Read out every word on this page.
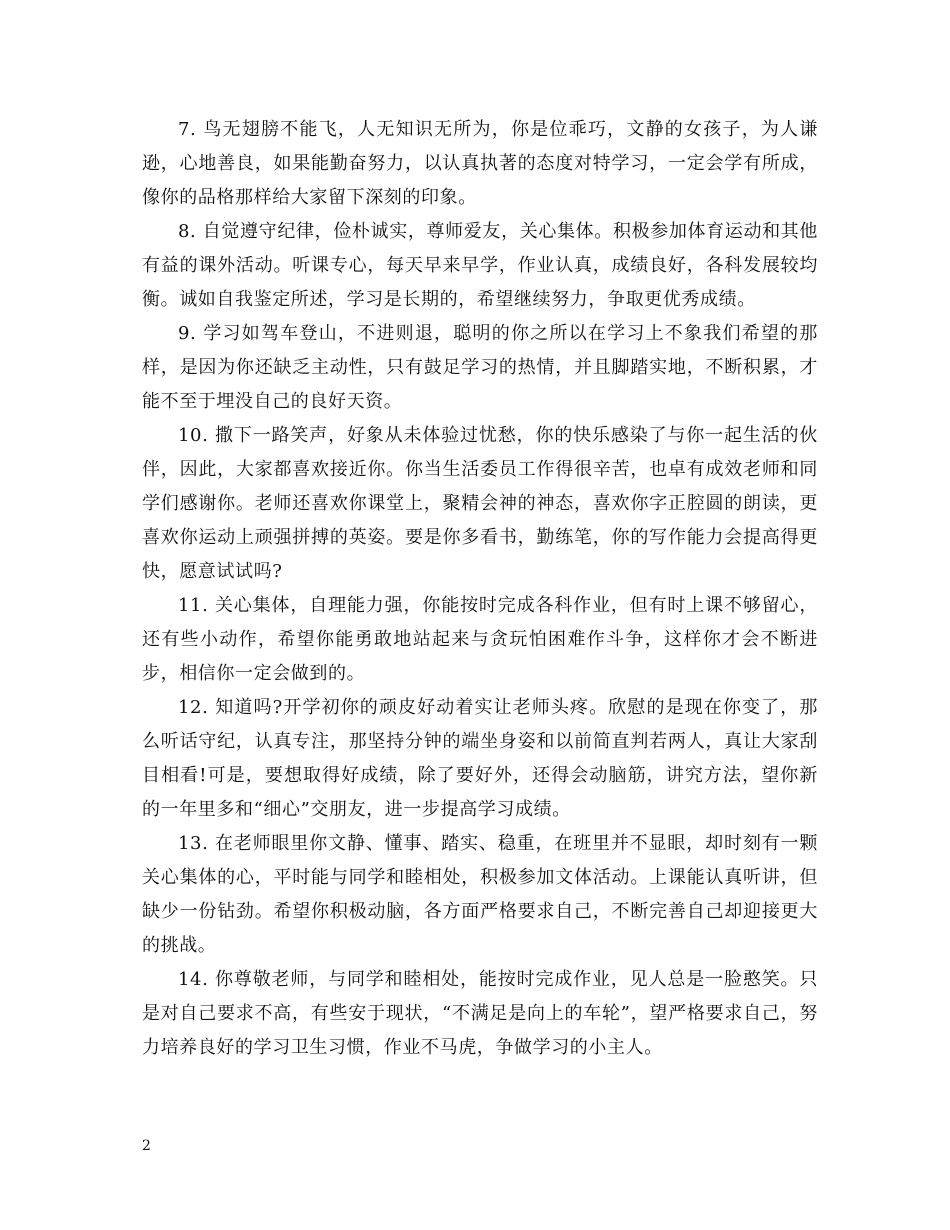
7. 鸟无翅膀不能飞，人无知识无所为，你是位乖巧，文静的女孩子，为人谦逊，心地善良，如果能勤奋努力，以认真执著的态度对特学习，一定会学有所成，像你的品格那样给大家留下深刻的印象。

8. 自觉遵守纪律，俭朴诚实，尊师爱友，关心集体。积极参加体育运动和其他有益的课外活动。听课专心，每天早来早学，作业认真，成绩良好，各科发展较均衡。诚如自我鉴定所述，学习是长期的，希望继续努力，争取更优秀成绩。

9. 学习如驾车登山，不进则退，聪明的你之所以在学习上不象我们希望的那样，是因为你还缺乏主动性，只有鼓足学习的热情，并且脚踏实地，不断积累，才能不至于埋没自己的良好天资。

10. 撒下一路笑声，好象从未体验过忧愁，你的快乐感染了与你一起生活的伙伴，因此，大家都喜欢接近你。你当生活委员工作得很辛苦，也卓有成效老师和同学们感谢你。老师还喜欢你课堂上，聚精会神的神态，喜欢你字正腔圆的朗读，更喜欢你运动上顽强拼搏的英姿。要是你多看书，勤练笔，你的写作能力会提高得更快，愿意试试吗?

11. 关心集体，自理能力强，你能按时完成各科作业，但有时上课不够留心，还有些小动作，希望你能勇敢地站起来与贪玩怕困难作斗争，这样你才会不断进步，相信你一定会做到的。

12. 知道吗?开学初你的顽皮好动着实让老师头疼。欣慰的是现在你变了，那么听话守纪，认真专注，那坚持分钟的端坐身姿和以前简直判若两人，真让大家刮目相看!可是，要想取得好成绩，除了要好外，还得会动脑筋，讲究方法，望你新的一年里多和“细心”交朋友，进一步提高学习成绩。

13. 在老师眼里你文静、懂事、踏实、稳重，在班里并不显眼，却时刻有一颗关心集体的心，平时能与同学和睦相处，积极参加文体活动。上课能认真听讲，但缺少一份钻劲。希望你积极动脑，各方面严格要求自己，不断完善自己却迎接更大的挑战。

14. 你尊敬老师，与同学和睦相处，能按时完成作业，见人总是一脸憨笑。只是对自己要求不高，有些安于现状，“不满足是向上的车轮”，望严格要求自己，努力培养良好的学习卫生习惯，作业不马虎，争做学习的小主人。

2
